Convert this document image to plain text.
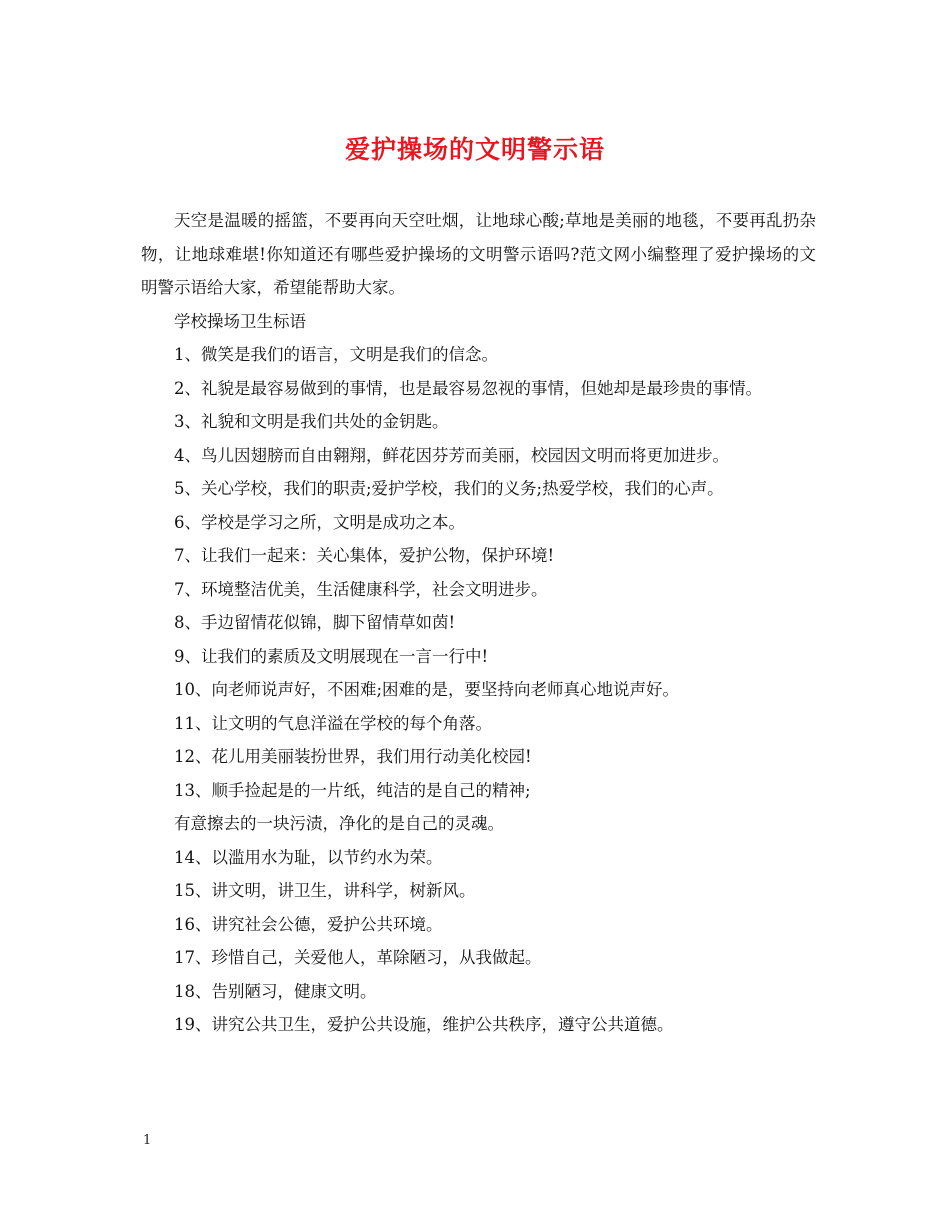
爱护操场的文明警示语

天空是温暖的摇篮，不要再向天空吐烟，让地球心酸;草地是美丽的地毯，不要再乱扔杂物，让地球难堪!你知道还有哪些爱护操场的文明警示语吗?范文网小编整理了爱护操场的文明警示语给大家，希望能帮助大家。

学校操场卫生标语

1、微笑是我们的语言，文明是我们的信念。

2、礼貌是最容易做到的事情，也是最容易忽视的事情，但她却是最珍贵的事情。

3、礼貌和文明是我们共处的金钥匙。

4、鸟儿因翅膀而自由翱翔，鲜花因芬芳而美丽，校园因文明而将更加进步。

5、关心学校，我们的职责;爱护学校，我们的义务;热爱学校，我们的心声。

6、学校是学习之所，文明是成功之本。

7、让我们一起来：关心集体，爱护公物，保护环境!

7、环境整洁优美，生活健康科学，社会文明进步。

8、手边留情花似锦，脚下留情草如茵!

9、让我们的素质及文明展现在一言一行中!

10、向老师说声好，不困难;困难的是，要坚持向老师真心地说声好。

11、让文明的气息洋溢在学校的每个角落。

12、花儿用美丽装扮世界，我们用行动美化校园!

13、顺手捡起是的一片纸，纯洁的是自己的精神;

有意擦去的一块污渍，净化的是自己的灵魂。

14、以滥用水为耻，以节约水为荣。

15、讲文明，讲卫生，讲科学，树新风。

16、讲究社会公德，爱护公共环境。

17、珍惜自己，关爱他人，革除陋习，从我做起。

18、告别陋习，健康文明。

19、讲究公共卫生，爱护公共设施，维护公共秩序，遵守公共道德。

1
